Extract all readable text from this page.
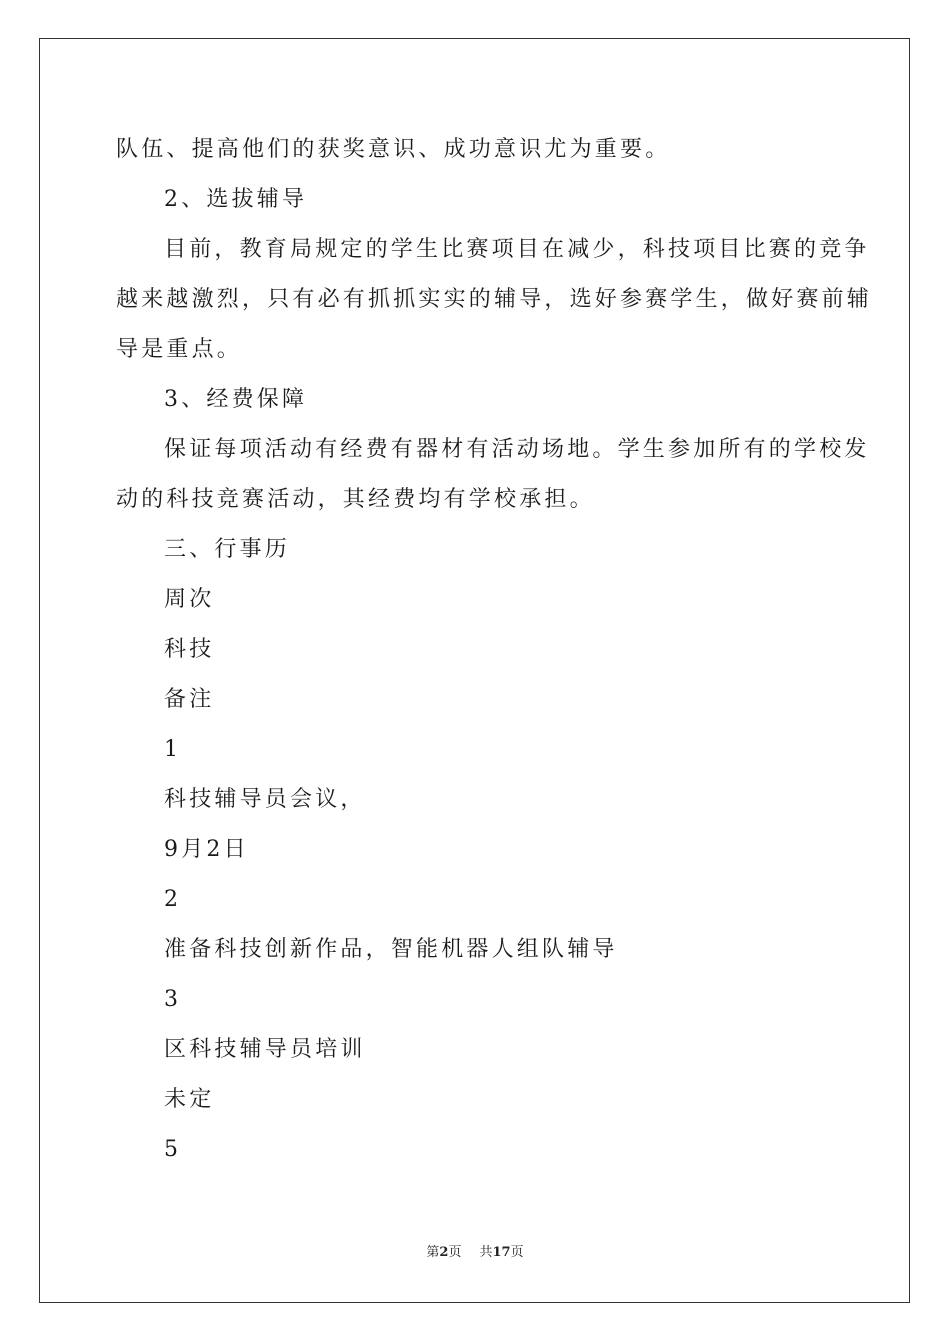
队伍、提高他们的获奖意识、成功意识尤为重要。
2、选拔辅导
目前，教育局规定的学生比赛项目在减少，科技项目比赛的竞争
越来越激烈，只有必有抓抓实实的辅导，选好参赛学生，做好赛前辅
导是重点。
3、经费保障
保证每项活动有经费有器材有活动场地。学生参加所有的学校发
动的科技竞赛活动，其经费均有学校承担。
三、行事历
周次
科技
备注
1
科技辅导员会议，
9月2日
2
准备科技创新作品，智能机器人组队辅导
3
区科技辅导员培训
未定
5
第2页 共17页
